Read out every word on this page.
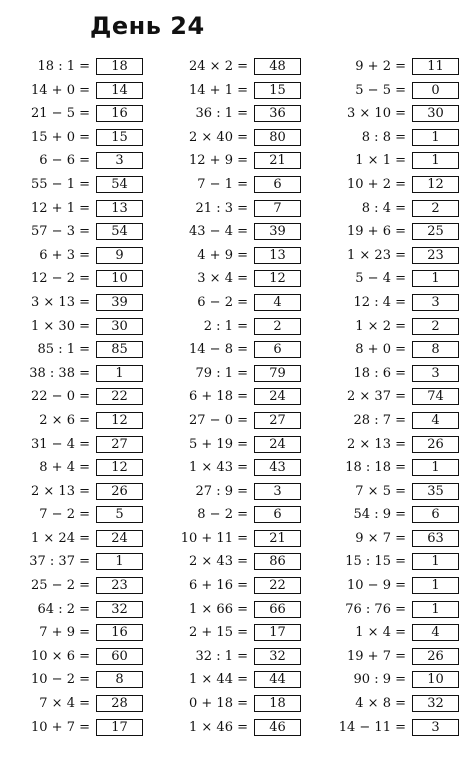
День 24
18 : 1 =	18
14 + 0 =	14
21 − 5 =	16
15 + 0 =	15
6 − 6 =	3
55 − 1 =	54
12 + 1 =	13
57 − 3 =	54
6 + 3 =	9
12 − 2 =	10
3 × 13 =	39
1 × 30 =	30
85 : 1 =	85
38 : 38 =	1
22 − 0 =	22
2 × 6 =	12
31 − 4 =	27
8 + 4 =	12
2 × 13 =	26
7 − 2 =	5
1 × 24 =	24
37 : 37 =	1
25 − 2 =	23
64 : 2 =	32
7 + 9 =	16
10 × 6 =	60
10 − 2 =	8
7 × 4 =	28
10 + 7 =	17
24 × 2 =	48
14 + 1 =	15
36 : 1 =	36
2 × 40 =	80
12 + 9 =	21
7 − 1 =	6
21 : 3 =	7
43 − 4 =	39
4 + 9 =	13
3 × 4 =	12
6 − 2 =	4
2 : 1 =	2
14 − 8 =	6
79 : 1 =	79
6 + 18 =	24
27 − 0 =	27
5 + 19 =	24
1 × 43 =	43
27 : 9 =	3
8 − 2 =	6
10 + 11 =	21
2 × 43 =	86
6 + 16 =	22
1 × 66 =	66
2 + 15 =	17
32 : 1 =	32
1 × 44 =	44
0 + 18 =	18
1 × 46 =	46
9 + 2 =	11
5 − 5 =	0
3 × 10 =	30
8 : 8 =	1
1 × 1 =	1
10 + 2 =	12
8 : 4 =	2
19 + 6 =	25
1 × 23 =	23
5 − 4 =	1
12 : 4 =	3
1 × 2 =	2
8 + 0 =	8
18 : 6 =	3
2 × 37 =	74
28 : 7 =	4
2 × 13 =	26
18 : 18 =	1
7 × 5 =	35
54 : 9 =	6
9 × 7 =	63
15 : 15 =	1
10 − 9 =	1
76 : 76 =	1
1 × 4 =	4
19 + 7 =	26
90 : 9 =	10
4 × 8 =	32
14 − 11 =	3
